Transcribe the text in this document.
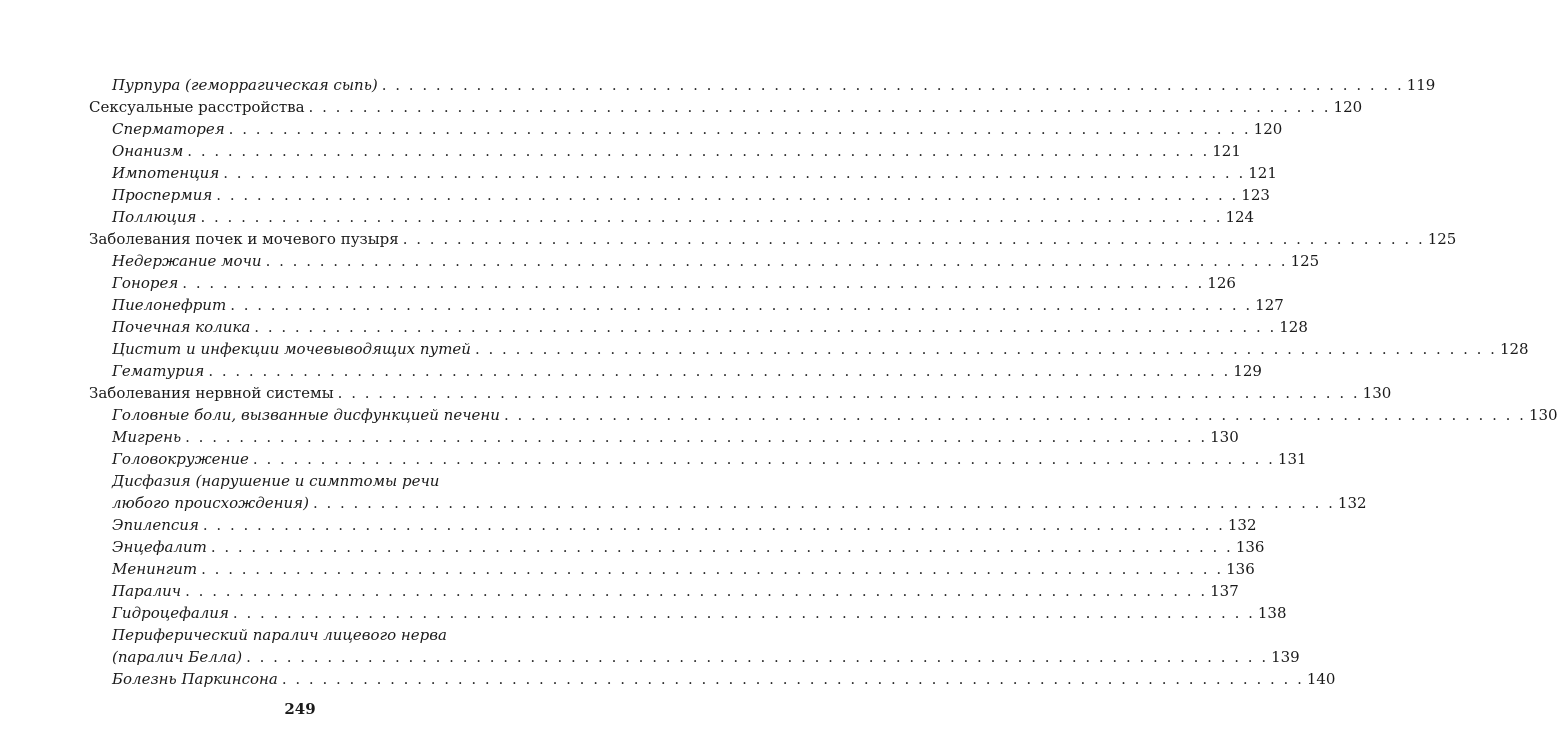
Пурпура (геморрагическая сыпь) . . .	119
Сексуальные расстройства . . .	120
Сперматорея . . .	120
Онанизм . . .	121
Импотенция . . .	121
Проспермия . . .	123
Поллюция . . .	124
Заболевания почек и мочевого пузыря . . .	125
Недержание мочи . . .	125
Гонорея . . .	126
Пиелонефрит . . .	127
Почечная колика . . .	128
Цистит и инфекции мочевыводящих путей . . .	128
Гематурия . . .	129
Заболевания нервной системы . . .	130
Головные боли, вызванные дисфункцией печени . . .	130
Мигрень . . .	130
Головокружение . . .	131
Дисфазия (нарушение и симптомы речи
любого происхождения) . . .	132
Эпилепсия . . .	132
Энцефалит . . .	136
Менингит . . .	136
Паралич . . .	137
Гидроцефалия . . .	138
Периферический паралич лицевого нерва
(паралич Белла) . . .	139
Болезнь Паркинсона . . .	140
249
